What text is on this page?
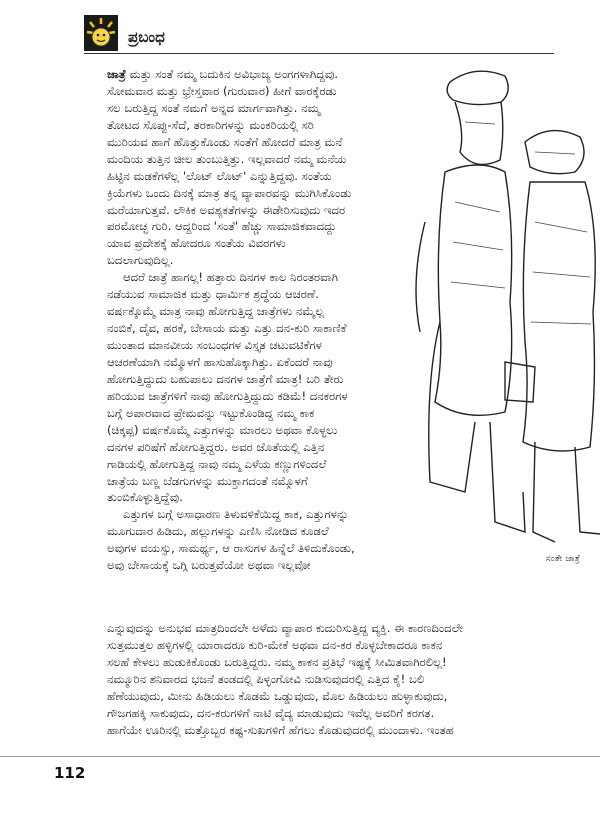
ಪ್ರಬಂಧ
ಸಂತೇ ಜಾತ್ರೆ
ಜಾತ್ರೆ ಮತ್ತು ಸಂತೆ ನಮ್ಮ ಬದುಕಿನ ಅವಿಭಾಜ್ಯ ಅಂಗಗಳಾಗಿದ್ದವು.
ಸೋಮವಾರ ಮತ್ತು ಭ್ರೇಸ್ತವಾರ (ಗುರುವಾರ) ಹೀಗೆ ವಾರಕ್ಕೆರಡು
ಸಲ ಬರುತ್ತಿದ್ದ ಸಂತೆ ನಮಗೆ ಅನ್ನದ ಮಾರ್ಗವಾಗಿತ್ತು. ನಮ್ಮ
ತೋಟದ ಸೊಪ್ಪು-ಸೆದೆ, ತರಕಾರಿಗಳನ್ನು ಮಂಕರಿಯಲ್ಲಿ ಸರಿ
ಮುರಿಯವ ಹಾಗೆ ಹೊತ್ತುಕೊಂಡು ಸಂತೆಗೆ ಹೋದರೆ ಮಾತ್ರ ಮನೆ
ಮಂದಿಯ ತುತ್ತಿನ ಚೀಲ ತುಂಬುತ್ತಿತ್ತು. ಇಲ್ಲವಾದರೆ ನಮ್ಮ ಮನೆಯ
ಹಿಟ್ಟಿನ ಮಡಕೆಗಳೆಲ್ಲ 'ಲೊಟ್ ಲೊಟ್' ಎನ್ನುತ್ತಿದ್ದವು. ಸಂತೆಯ
ಕ್ರಿಯೆಗಳು ಒಂದು ದಿನಕ್ಕೆ ಮಾತ್ರ ತನ್ನ ವ್ಯಾಪಾರವನ್ನು ಮುಗಿಸಿಕೊಂಡು
ಮರೆಯಾಗುತ್ತವೆ. ಲೌಕಿಕ ಅವಶ್ಯಕತೆಗಳನ್ನು ಈಡೇರಿಸುವುದು ಇದರ
ಪರಮೋಚ್ಛ ಗುರಿ. ಆದ್ದರಿಂದ 'ಸಂತೆ' ಹೆಚ್ಚು ಸಾಮಾಜಿಕವಾದದ್ದು
ಯಾವ ಪ್ರದೇಶಕ್ಕೆ ಹೋದರೂ ಸಂತೆಯ ವಿವರಗಳು
ಬದಲಾಗುವುದಿಲ್ಲ.
ಆದರೆ ಜಾತ್ರೆ ಹಾಗಲ್ಲ! ಹತ್ತಾರು ದಿನಗಳ ಕಾಲ ನಿರಂತರವಾಗಿ
ನಡೆಯುವ ಸಾಮಾಜಿಕ ಮತ್ತು ಧಾರ್ಮಿಕ ಶ್ರದ್ಧೆಯ ಆಚರಣೆ.
ವರ್ಷಕ್ಕೊಮ್ಮೆ ಮಾತ್ರ ನಾವು ಹೋಗುತ್ತಿದ್ದ ಜಾತ್ರೆಗಳು ನಮ್ಮೆಲ್ಲ
ನಂಬಿಕೆ, ದೈವ, ಹರಕೆ, ಬೇಸಾಯ ಮತ್ತು ಎತ್ತು ದನ-ಕುರಿ ಸಾಕಾಣಿಕೆ
ಮುಂತಾದ ಮಾನವೀಯ ಸಂಬಂಧಗಳ ವಿಸ್ತೃತ ಚಟುವಟಿಕೆಗಳ
ಆಚರಣೆಯಾಗಿ ನಮ್ಮೊಳಗೆ ಹಾಸುಹೊಕ್ಕಾಗಿತ್ತು. ಏಕೆಂದರೆ ನಾವು
ಹೋಗುತ್ತಿದ್ದುದು ಬಹುಪಾಲು ದನಗಳ ಜಾತ್ರೆಗೆ ಮಾತ್ರ! ಬರಿ ತೇರು
ಹರಿಯುವ ಜಾತ್ರೆಗಳಿಗೆ ನಾವು ಹೋಗುತ್ತಿದ್ದುದು ಕಡಿಮೆ! ದನಕರಗಳ
ಬಗ್ಗೆ ಅಪಾರವಾದ ಪ್ರೇಮವನ್ನು ಇಟ್ಟುಕೊಂಡಿದ್ದ ನಮ್ಮ ಕಾಕ
(ಚಿಕ್ಕಪ್ಪ) ವರ್ಷಕೊಮ್ಮೆ ಎತ್ತುಗಳನ್ನು ಮಾರಲು ಅಥವಾ ಕೊಳ್ಳಲು
ದನಗಳ ಪರಿಷೆಗೆ ಹೋಗುತ್ತಿದ್ದರು. ಅವರ ಜೊತೆಯಲ್ಲಿ ಎತ್ತಿನ
ಗಾಡಿಯಲ್ಲಿ ಹೋಗುತ್ತಿದ್ದ ನಾವು ನಮ್ಮ ಎಳೆಯ ಕಣ್ಣುಗಳಿಂದಲೆ
ಜಾತ್ರೆಯ ಬಣ್ಣ ಬೆಡಗುಗಳನ್ನು ಮುಕ್ತಾಗದಂತೆ ನಮ್ಮೊಳಗೆ
ತುಂಬಿಕೊಳ್ಳುತ್ತಿದ್ದೆವು.
ಎತ್ತುಗಳ ಬಗ್ಗೆ ಅಸಾಧಾರಣ ತಿಳುವಳಿಕೆಯಿದ್ದ ಕಾಕ, ಎತ್ತುಗಳನ್ನು
ಮೂಗುದಾರ ಹಿಡಿದು, ಹಲ್ಲುಗಳನ್ನು ಎಣಿಸಿ ನೋಡಿದ ಕೂಡಲೆ
ಅವುಗಳ ವಯಸ್ಸು, ಸಾಮರ್ಥ್ಯ, ಆ ರಾಸುಗಳ ಹಿನ್ನೆಲೆ ತಿಳಿದುಕೊಂಡು,
ಅವು ಬೇಸಾಯಕ್ಕೆ ಒಗ್ಗಿ ಬರುತ್ತವೆಯೋ ಅಥವಾ ಇಲ್ಲವೋ
ಎನ್ನುವುದನ್ನು ಅನುಭವ ಮಾತ್ರದಿಂದಲೇ ಅಳೆದು ವ್ಯಾಪಾರ ಕುದುರಿಸುತ್ತಿದ್ದ ವ್ಯಕ್ತಿ. ಈ ಕಾರಣದಿಂದಲೇ
ಸುತ್ತಮುತ್ತಲ ಹಳ್ಳಿಗಳಲ್ಲಿ ಯಾರಾದರೂ ಕುರಿ-ಮೇಕೆ ಅಥವಾ ದನ-ಕರ ಕೊಳ್ಳಬೇಕಾದರೂ ಕಾಕನ
ಸಲಹೆ ಕೇಳಲು ಹುಡುಕಿಕೊಂಡು ಬರುತ್ತಿದ್ದರು. ನಮ್ಮ ಕಾಕನ ಪ್ರತಿಭೆ ಇಷ್ಟಕ್ಕೆ ಸೀಮಿತವಾಗಿರಲಿಲ್ಲ!
ನಮ್ಮೂರಿನ ಶನಿವಾರದ ಭಜನೆ ತಂಡದಲ್ಲಿ ಪಿಳ್ಳಂಗೋವಿ ನುಡಿಸುವುದರಲ್ಲಿ ಎತ್ತಿದ ಕೈ! ಬಲಿ
ಹೆಣೆಯುವುದು, ಮೀನು ಹಿಡಿಯಲು ಕೊಡಮೆ ಒಡ್ಡುವುದು, ಮೊಲ ಹಿಡಿಯಲು ಹುಳ್ಳಾಕುವುದು,
ಗೌಜಗಹಕ್ಕಿ ಸಾಕುವುದು, ದನ-ಕರುಗಳಿಗೆ ನಾಟಿ ವೈದ್ಯ ಮಾಡುವುದು ಇವೆಲ್ಲ ಅವರಿಗೆ ಕರಗತ.
ಹಾಗೆಯೇ ಊರಿನಲ್ಲಿ ಮತ್ತೊಬ್ಬರ ಕಷ್ಟ-ಸುಖಗಳಿಗೆ ಹೆಗಲು ಕೊಡುವುದರಲ್ಲಿ ಮುಂದಾಳು. ಇಂತಹ
112
